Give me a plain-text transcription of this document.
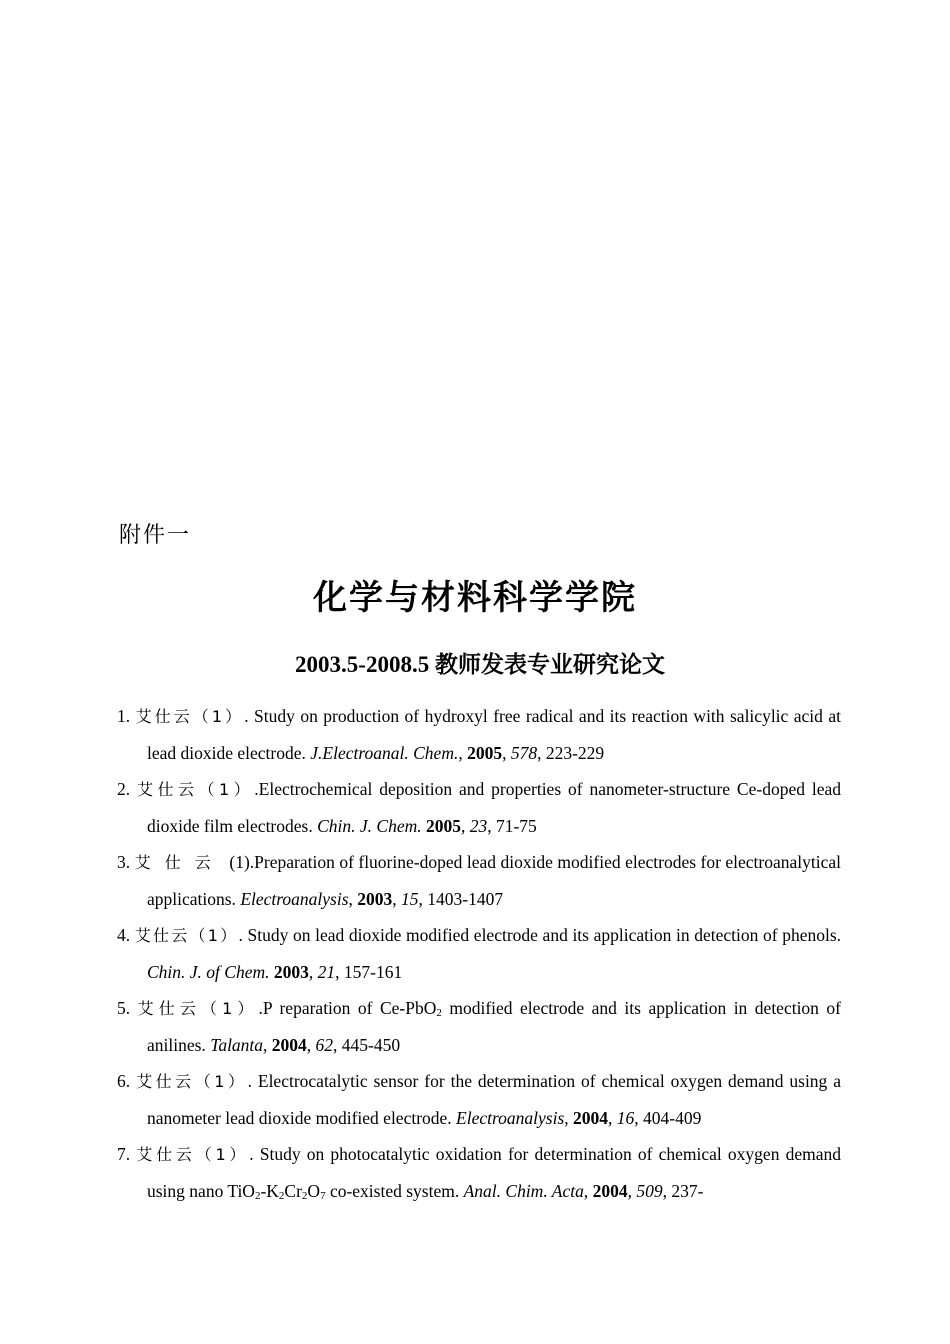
附件一
化学与材料科学学院
2003.5-2008.5 教师发表专业研究论文
1. 艾仕云（1）. Study on production of hydroxyl free radical and its reaction with salicylic acid at lead dioxide electrode. J.Electroanal. Chem., 2005, 578, 223-229
2. 艾仕云（1）.Electrochemical deposition and properties of nanometer-structure Ce-doped lead dioxide film electrodes. Chin. J. Chem. 2005, 23, 71-75
3. 艾仕云 (1).Preparation of fluorine-doped lead dioxide modified electrodes for electroanalytical applications. Electroanalysis, 2003, 15, 1403-1407
4. 艾仕云（1）. Study on lead dioxide modified electrode and its application in detection of phenols. Chin. J. of Chem. 2003, 21, 157-161
5. 艾仕云（1）.P reparation of Ce-PbO$_2$ modified electrode and its application in detection of anilines. Talanta, 2004, 62, 445-450
6. 艾仕云（1）. Electrocatalytic sensor for the determination of chemical oxygen demand using a nanometer lead dioxide modified electrode. Electroanalysis, 2004, 16, 404-409
7. 艾仕云（1）. Study on photocatalytic oxidation for determination of chemical oxygen demand using nano $TiO_2-K_2Cr_2O_7$ co-existed system. Anal. Chim. Acta, 2004, 509, 237-
